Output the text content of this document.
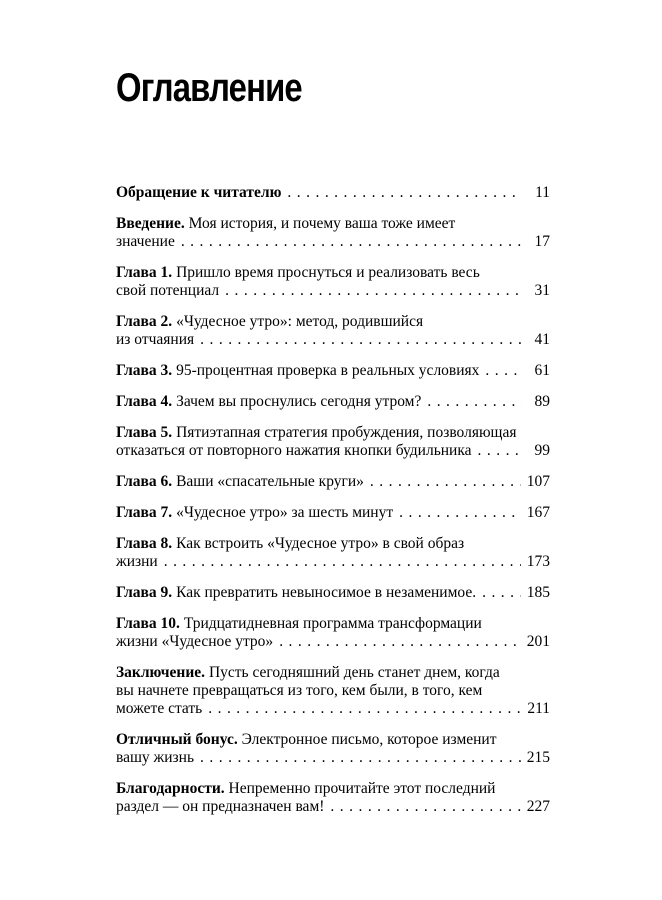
Оглавление
Обращение к читателю . . .	11
Введение. Моя история, и почему ваша тоже имеет
значение . . .	17
Глава 1. Пришло время проснуться и реализовать весь
свой потенциал . . .	31
Глава 2. «Чудесное утро»: метод, родившийся
из отчаяния . . .	41
Глава 3. 95-процентная проверка в реальных условиях . . .	61
Глава 4. Зачем вы проснулись сегодня утром? . . .	89
Глава 5. Пятиэтапная стратегия пробуждения, позволяющая
отказаться от повторного нажатия кнопки будильника . . .	99
Глава 6. Ваши «спасательные круги» . . .	107
Глава 7. «Чудесное утро» за шесть минут . . .	167
Глава 8. Как встроить «Чудесное утро» в свой образ
жизни . . .	173
Глава 9. Как превратить невыносимое в незаменимое. . . .	185
Глава 10. Тридцатидневная программа трансформации
жизни «Чудесное утро» . . .	201
Заключение. Пусть сегодняшний день станет днем, когда
вы начнете превращаться из того, кем были, в того, кем
можете стать . . .	211
Отличный бонус. Электронное письмо, которое изменит
вашу жизнь . . .	215
Благодарности. Непременно прочитайте этот последний
раздел — он предназначен вам! . . .	227
